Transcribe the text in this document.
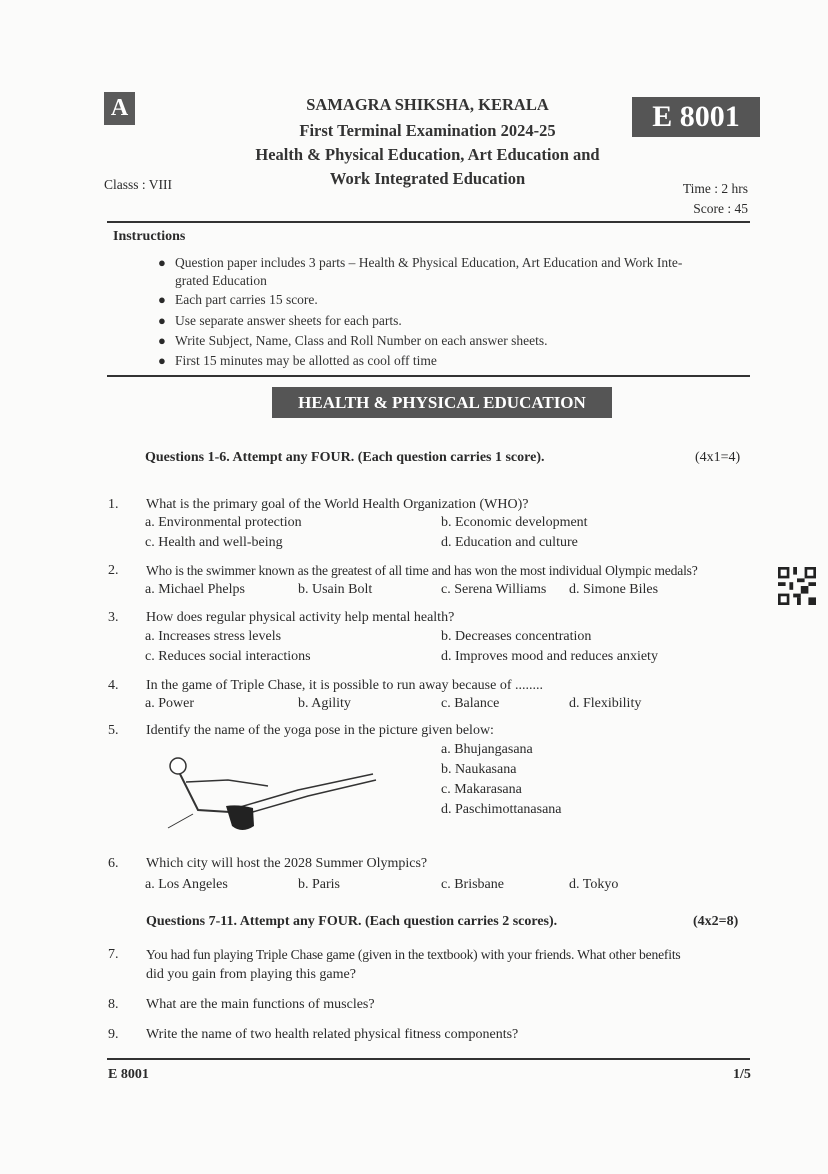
A	SAMAGRA SHIKSHA, KERALA
First Terminal Examination 2024-25
Health & Physical Education, Art Education and
Work Integrated Education
E 8001
Classs : VIII	Time : 2 hrs
Score : 45
Instructions
● Question paper includes 3 parts – Health & Physical Education, Art Education and Work Inte-
grated Education
● Each part carries 15 score.
● Use separate answer sheets for each parts.
● Write Subject, Name, Class and Roll Number on each answer sheets.
● First 15 minutes may be allotted as cool off time
HEALTH & PHYSICAL EDUCATION
Questions 1-6. Attempt any FOUR. (Each question carries 1 score).	(4x1=4)
1. What is the primary goal of the World Health Organization (WHO)?
a. Environmental protection	b. Economic development
c. Health and well-being	d. Education and culture
2. Who is the swimmer known as the greatest of all time and has won the most individual Olympic medals?
a. Michael Phelps	b. Usain Bolt	c. Serena Williams d. Simone Biles
3. How does regular physical activity help mental health?
a. Increases stress levels	b. Decreases concentration
c. Reduces social interactions	d. Improves mood and reduces anxiety
4. In the game of Triple Chase, it is possible to run away because of ........
a. Power	b. Agility	c. Balance	d. Flexibility
5. Identify the name of the yoga pose in the picture given below:
a. Bhujangasana
b. Naukasana
c. Makarasana
d. Paschimottanasana
6. Which city will host the 2028 Summer Olympics?
a. Los Angeles	b. Paris	c. Brisbane	d. Tokyo
Questions 7-11. Attempt any FOUR. (Each question carries 2 scores).	(4x2=8)
7. You had fun playing Triple Chase game (given in the textbook) with your friends. What other benefits
did you gain from playing this game?
8. What are the main functions of muscles?
9. Write the name of two health related physical fitness components?
E 8001	1/5
